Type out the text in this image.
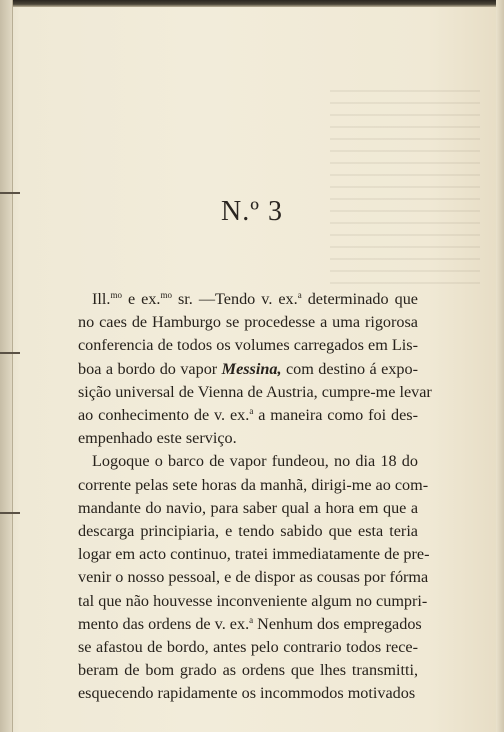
N.º 3
Ill.$^{mo}$ e ex.$^{mo}$ sr. —Tendo v. ex.$^a$ determinado que
no caes de Hamburgo se procedesse a uma rigorosa
conferencia de todos os volumes carregados em Lis-
boa a bordo do vapor Messina, com destino á expo-
sição universal de Vienna de Austria, cumpre-me levar
ao conhecimento de v. ex.$^a$ a maneira como foi des-
empenhado este serviço.
Logoque o barco de vapor fundeou, no dia 18 do
corrente pelas sete horas da manhã, dirigi-me ao com-
mandante do navio, para saber qual a hora em que a
descarga principiaria, e tendo sabido que esta teria
logar em acto continuo, tratei immediatamente de pre-
venir o nosso pessoal, e de dispor as cousas por fórma
tal que não houvesse inconveniente algum no cumpri-
mento das ordens de v. ex.$^a$ Nenhum dos empregados
se afastou de bordo, antes pelo contrario todos rece-
beram de bom grado as ordens que lhes transmitti,
esquecendo rapidamente os incommodos motivados
